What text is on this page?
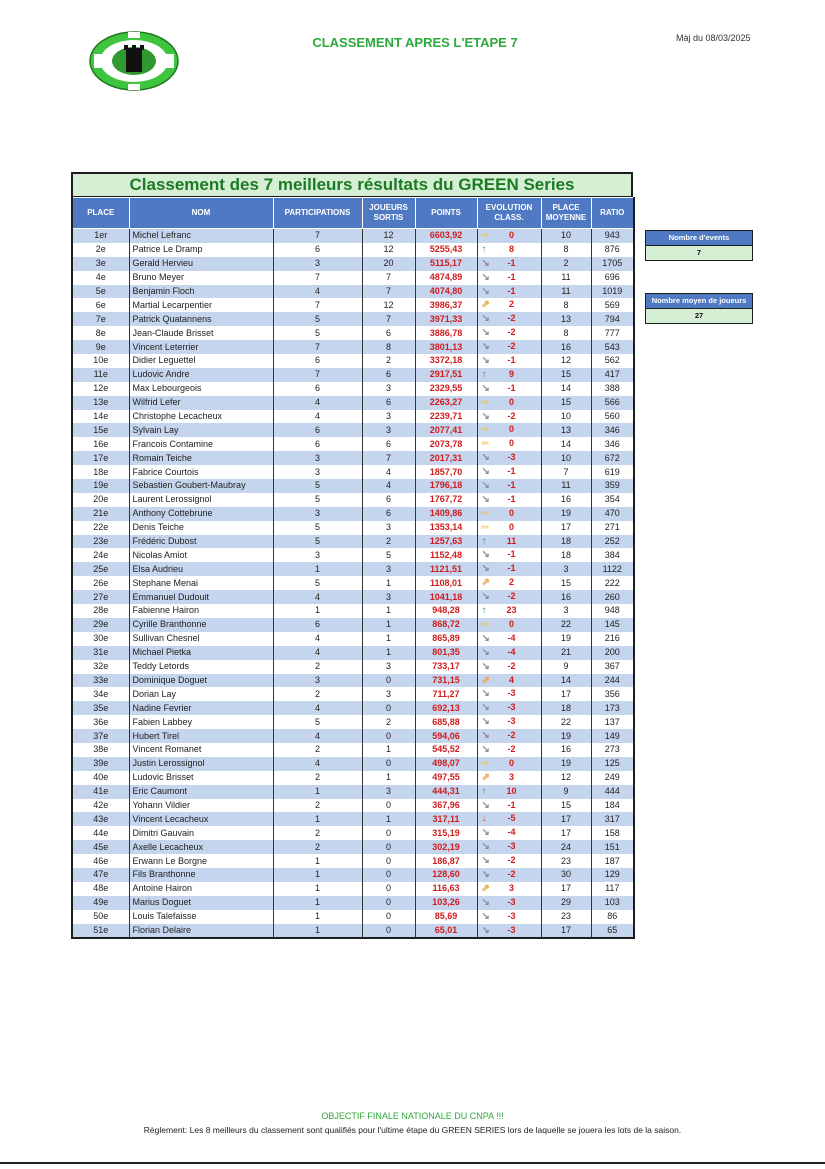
CLASSEMENT APRES L'ETAPE 7	Màj du 08/03/2025
Classement des 7 meilleurs résultats du GREEN Series
PLACE	NOM	PARTICIPATIONS	JOUEURS SORTIS	POINTS	EVOLUTION CLASS.	PLACE MOYENNE	RATIO
1er	Michel Lefranc	7	12	6603,92	═ 0	10	943
2e	Patrice Le Dramp	6	12	5255,43	↑ 8	8	876
3e	Gerald Hervieu	3	20	5115,17	↘ -1	2	1705
4e	Bruno Meyer	7	7	4874,89	↘ -1	11	696
5e	Benjamin Floch	4	7	4074,80	↘ -1	11	1019
6e	Martial Lecarpentier	7	12	3986,37	⇗ 2	8	569
7e	Patrick Quatannens	5	7	3971,33	↘ -2	13	794
8e	Jean-Claude Brisset	5	6	3886,78	↘ -2	8	777
9e	Vincent Leterrier	7	8	3801,13	↘ -2	16	543
10e	Didier Leguettel	6	2	3372,18	↘ -1	12	562
11e	Ludovic Andre	7	6	2917,51	↑ 9	15	417
12e	Max Lebourgeois	6	3	2329,55	↘ -1	14	388
13e	Wilfrid Lefer	4	6	2263,27	═ 0	15	566
14e	Christophe Lecacheux	4	3	2239,71	↘ -2	10	560
15e	Sylvain Lay	6	3	2077,41	═ 0	13	346
16e	Francois Contamine	6	6	2073,78	═ 0	14	346
17e	Romain Teiche	3	7	2017,31	↘ -3	10	672
18e	Fabrice Courtois	3	4	1857,70	↘ -1	7	619
19e	Sebastien Goubert-Maubray	5	4	1796,18	↘ -1	11	359
20e	Laurent Lerossignol	5	6	1767,72	↘ -1	16	354
21e	Anthony Cottebrune	3	6	1409,86	═ 0	19	470
22e	Denis Teiche	5	3	1353,14	═ 0	17	271
23e	Frédéric Dubost	5	2	1257,63	↑ 11	18	252
24e	Nicolas Amiot	3	5	1152,48	↘ -1	18	384
25e	Elsa Audrieu	1	3	1121,51	↘ -1	3	1122
26e	Stephane Menai	5	1	1108,01	⇗ 2	15	222
27e	Emmanuel Dudouit	4	3	1041,18	↘ -2	16	260
28e	Fabienne Hairon	1	1	948,28	↑ 23	3	948
29e	Cyrille Branthonne	6	1	868,72	═ 0	22	145
30e	Sullivan Chesnel	4	1	865,89	↘ -4	19	216
31e	Michael Pietka	4	1	801,35	↘ -4	21	200
32e	Teddy Letords	2	3	733,17	↘ -2	9	367
33e	Dominique Doguet	3	0	731,15	⇗ 4	14	244
34e	Dorian Lay	2	3	711,27	↘ -3	17	356
35e	Nadine Fevrier	4	0	692,13	↘ -3	18	173
36e	Fabien Labbey	5	2	685,88	↘ -3	22	137
37e	Hubert Tirel	4	0	594,06	↘ -2	19	149
38e	Vincent Romanet	2	1	545,52	↘ -2	16	273
39e	Justin Lerossignol	4	0	498,07	═ 0	19	125
40e	Ludovic Brisset	2	1	497,55	⇗ 3	12	249
41e	Eric Caumont	1	3	444,31	↑ 10	9	444
42e	Yohann Vildier	2	0	367,96	↘ -1	15	184
43e	Vincent Lecacheux	1	1	317,11	↓ -5	17	317
44e	Dimitri Gauvain	2	0	315,19	↘ -4	17	158
45e	Axelle Lecacheux	2	0	302,19	↘ -3	24	151
46e	Erwann Le Borgne	1	0	186,87	↘ -2	23	187
47e	Fils Branthonne	1	0	128,60	↘ -2	30	129
48e	Antoine Hairon	1	0	116,63	⇗ 3	17	117
49e	Marius Doguet	1	0	103,26	↘ -3	29	103
50e	Louis Talefaisse	1	0	85,69	↘ -3	23	86
51e	Florian Delaire	1	0	65,01	↘ -3	17	65
Nombre d'events
7
Nombre moyen de joueurs
27
OBJECTIF FINALE NATIONALE DU CNPA !!!
Règlement: Les 8 meilleurs du classement sont qualifiés pour l'ultime étape du GREEN SERIES lors de laquelle se jouera les lots de la saison.
